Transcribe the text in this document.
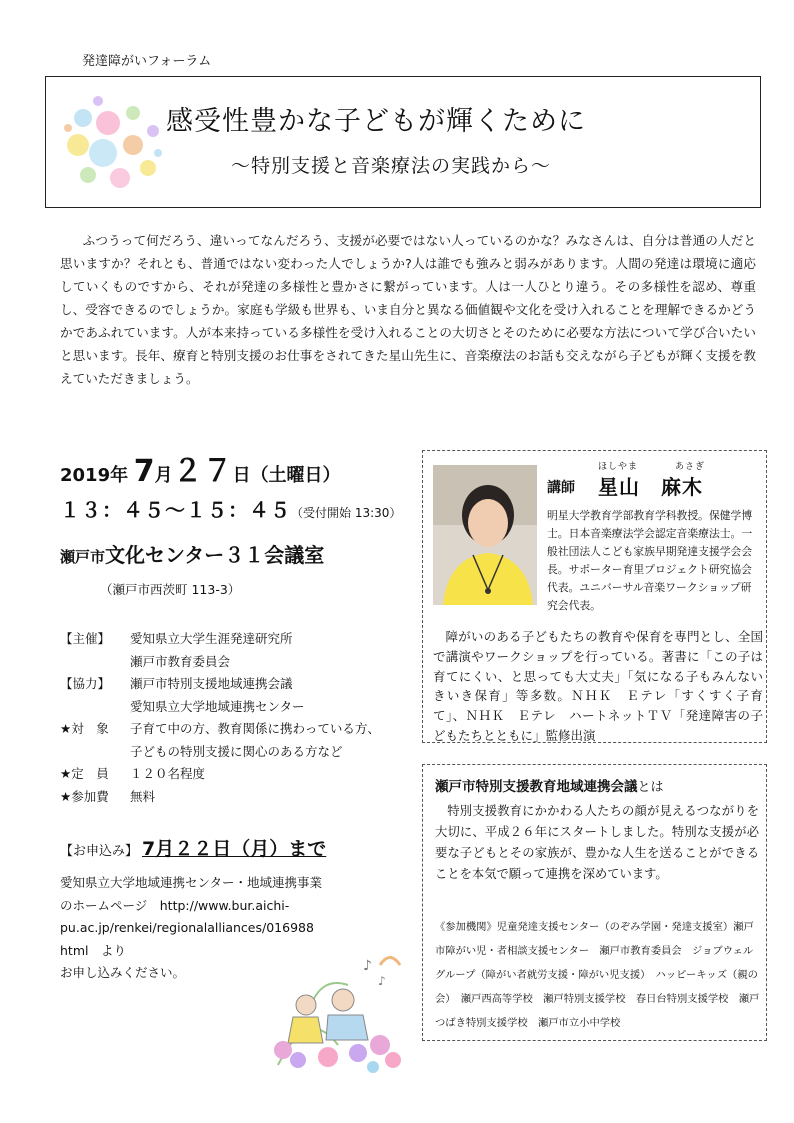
発達障がいフォーラム
感受性豊かな子どもが輝くために
～特別支援と音楽療法の実践から～
ふつうって何だろう、違いってなんだろう、支援が必要ではない人っているのかな？みなさんは、自分は普通の人だと思いますか？それとも、普通ではない変わった人でしょうか?人は誰でも強みと弱みがあります。人間の発達は環境に適応していくものですから、それが発達の多様性と豊かさに繋がっています。人は一人ひとり違う。その多様性を認め、尊重し、受容できるのでしょうか。家庭も学級も世界も、いま自分と異なる価値観や文化を受け入れることを理解できるかどうかであふれています。人が本来持っている多様性を受け入れることの大切さとそのために必要な方法について学び合いたいと思います。長年、療育と特別支援のお仕事をされてきた星山先生に、音楽療法のお話も交えながら子どもが輝く支援を教えていただきましょう。
2019年 7月２７日（土曜日）
１３：４５～１５：４５（受付開始 13:30）
瀬戸市文化センター３１会議室
（瀬戸市西茨町 113-3）
【主催】	愛知県立大学生涯発達研究所
瀬戸市教育委員会
【協力】	瀬戸市特別支援地域連携会議
愛知県立大学地域連携センター
★対　象	子育て中の方、教育関係に携わっている方、
子どもの特別支援に関心のある方など
★定　員	１２０名程度
★参加費	無料
【お申込み】 7月２２日（月）まで
愛知県立大学地域連携センター・地域連携事業
のホームページ　http://www.bur.aichi-
pu.ac.jp/renkei/regionalalliances/016988
html　より
お申し込みください。	♪
♪
講師
ほしやま	あさぎ
星山　麻木
明星大学教育学部教育学科教授。保健学博士。日本音楽療法学会認定音楽療法士。一般社団法人こども家族早期発達支援学会会長。サポーター育里プロジェクト研究協会代表。ユニバーサル音楽ワークショップ研究会代表。
障がいのある子どもたちの教育や保育を専門とし、全国で講演やワークショップを行っている。著書に「この子は育てにくい、と思っても大丈夫」「気になる子もみんないきいき保育」等多数。ＮＨＫ　Ｅテレ「すくすく子育て」、ＮＨＫ　Ｅテレ　ハートネットＴＶ「発達障害の子どもたちとともに」監修出演
瀬戸市特別支援教育地域連携会議とは
特別支援教育にかかわる人たちの顔が見えるつながりを大切に、平成２６年にスタートしました。特別な支援が必要な子どもとその家族が、豊かな人生を送ることができることを本気で願って連携を深めています。
《参加機関》児童発達支援センター（のぞみ学園・発達支援室）瀬戸市障がい児・者相談支援センター　瀬戸市教育委員会　ジョブウェルグループ（障がい者就労支援・障がい児支援）　ハッピーキッズ（親の会）　瀬戸西高等学校　瀬戸特別支援学校　春日台特別支援学校　瀬戸つばき特別支援学校　瀬戸市立小中学校
